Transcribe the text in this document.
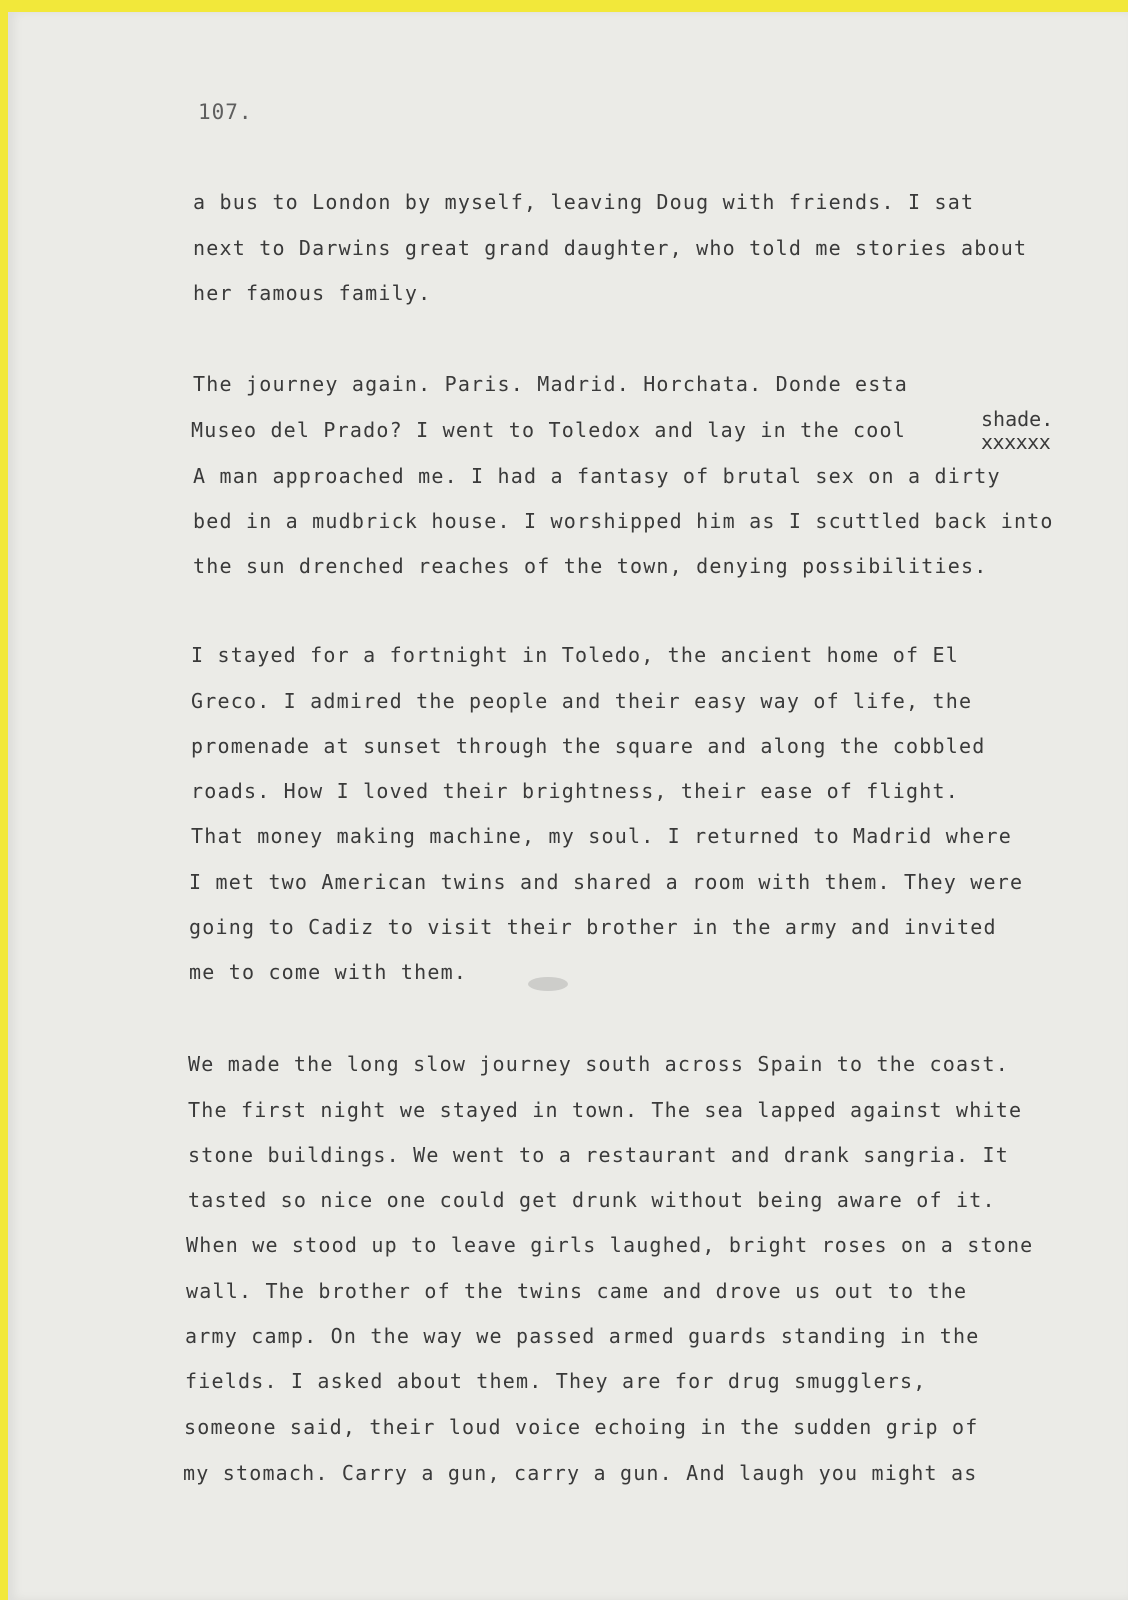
107.
a bus to London by myself, leaving Doug with friends. I sat
next to Darwins great grand daughter, who told me stories about
her famous family.
The journey again. Paris. Madrid. Horchata. Donde esta
Museo del Prado? I went to Toledox and lay in the cool	shade.
xxxxxx
A man approached me. I had a fantasy of brutal sex on a dirty
bed in a mudbrick house. I worshipped him as I scuttled back into
the sun drenched reaches of the town, denying possibilities.
I stayed for a fortnight in Toledo, the ancient home of El
Greco. I admired the people and their easy way of life, the
promenade at sunset through the square and along the cobbled
roads. How I loved their brightness, their ease of flight.
That money making machine, my soul. I returned to Madrid where
I met two American twins and shared a room with them. They were
going to Cadiz to visit their brother in the army and invited
me to come with them.
We made the long slow journey south across Spain to the coast.
The first night we stayed in town. The sea lapped against white
stone buildings. We went to a restaurant and drank sangria. It
tasted so nice one could get drunk without being aware of it.
When we stood up to leave girls laughed, bright roses on a stone
wall. The brother of the twins came and drove us out to the
army camp. On the way we passed armed guards standing in the
fields. I asked about them. They are for drug smugglers,
someone said, their loud voice echoing in the sudden grip of
my stomach. Carry a gun, carry a gun. And laugh you might as
